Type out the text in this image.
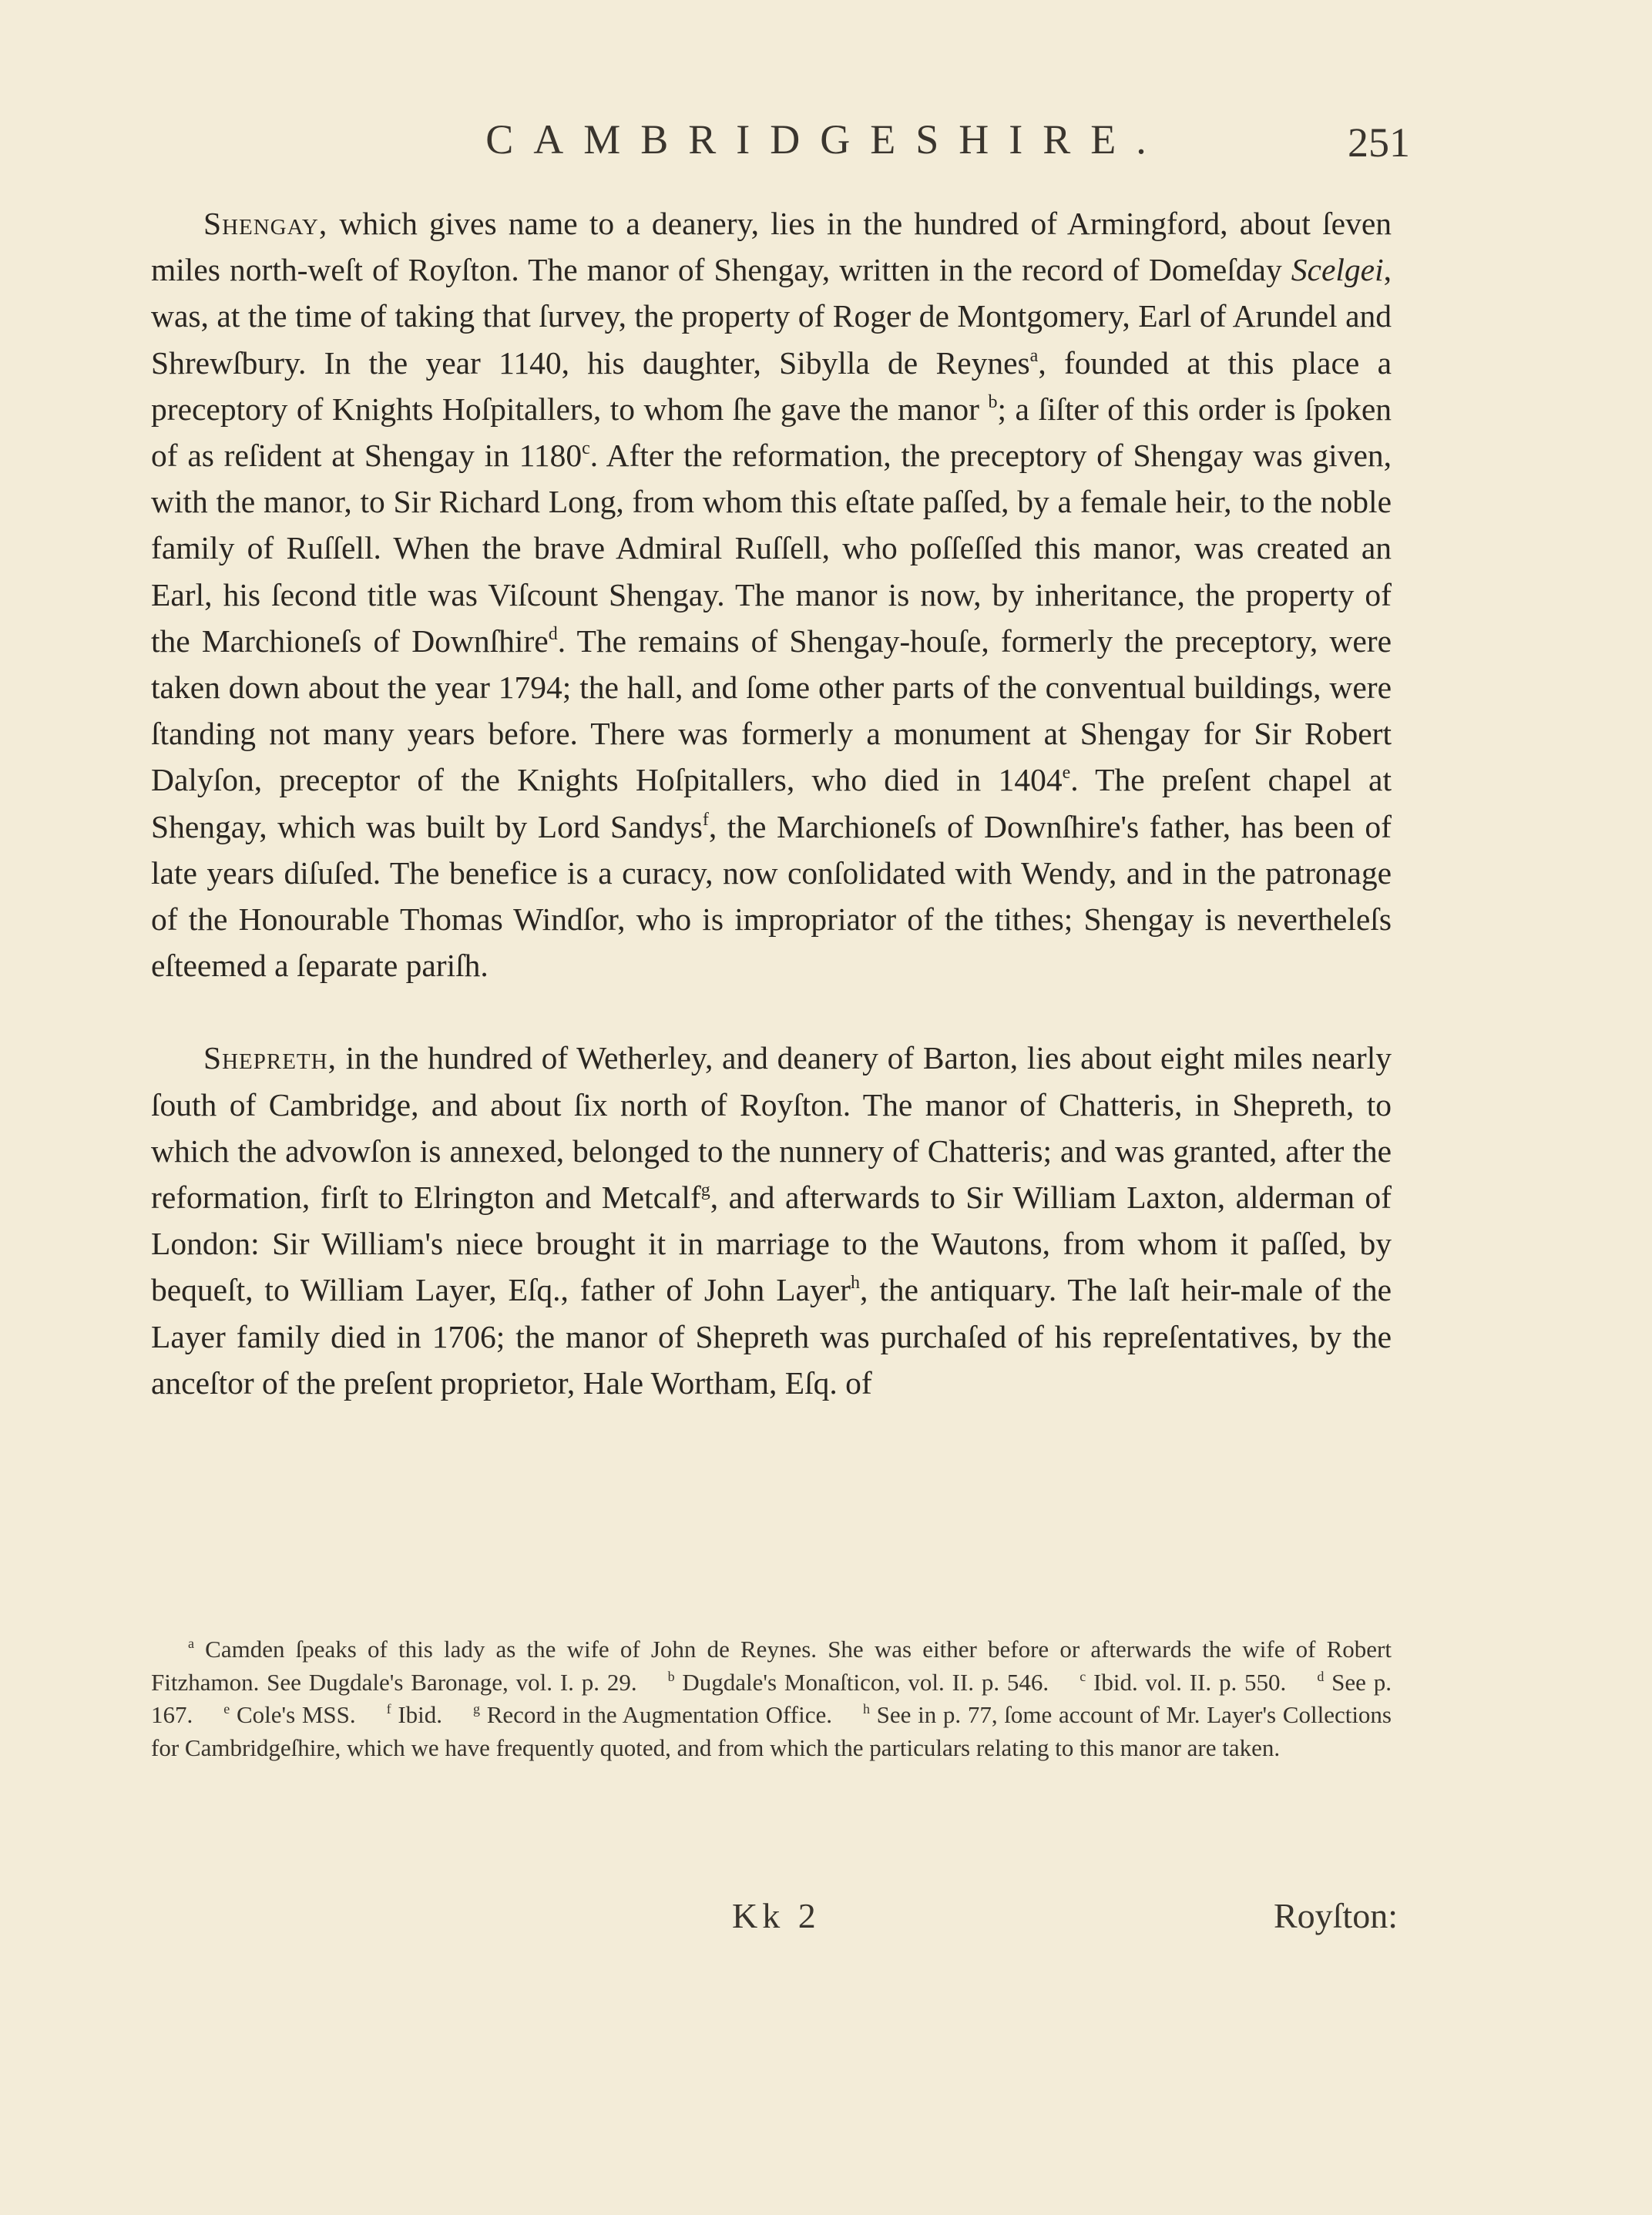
CAMBRIDGESHIRE.	251

Shengay, which gives name to a deanery, lies in the hundred of Armingford, about ſeven miles north-weſt of Royſton. The manor of Shengay, written in the record of Domeſday Scelgei, was, at the time of taking that ſurvey, the property of Roger de Montgomery, Earl of Arundel and Shrewſbury. In the year 1140, his daughter, Sibylla de Reynes$^a$, founded at this place a preceptory of Knights Hoſpitallers, to whom ſhe gave the manor $^b$; a ſiſter of this order is ſpoken of as reſident at Shengay in 1180$^c$. After the reformation, the preceptory of Shengay was given, with the manor, to Sir Richard Long, from whom this eſtate paſſed, by a female heir, to the noble family of Ruſſell. When the brave Admiral Ruſſell, who poſſeſſed this manor, was created an Earl, his ſecond title was Viſcount Shengay. The manor is now, by inheritance, the property of the Marchioneſs of Downſhire$^d$. The remains of Shengay-houſe, formerly the preceptory, were taken down about the year 1794; the hall, and ſome other parts of the conventual buildings, were ſtanding not many years before. There was formerly a monument at Shengay for Sir Robert Dalyſon, preceptor of the Knights Hoſpitallers, who died in 1404e. The preſent chapel at Shengay, which was built by Lord Sandys$^f$, the Marchioneſs of Downſhire's father, has been of late years diſuſed. The benefice is a curacy, now conſolidated with Wendy, and in the patronage of the Honourable Thomas Windſor, who is impropriator of the tithes; Shengay is nevertheleſs eſteemed a ſeparate pariſh.

Shepreth, in the hundred of Wetherley, and deanery of Barton, lies about eight miles nearly ſouth of Cambridge, and about ſix north of Royſton. The manor of Chatteris, in Shepreth, to which the advowſon is annexed, belonged to the nunnery of Chatteris; and was granted, after the reformation, firſt to Elrington and Metcalf$^g$, and afterwards to Sir William Laxton, alderman of London: Sir William's niece brought it in marriage to the Wautons, from whom it paſſed, by bequeſt, to William Layer, Eſq., father of John Layer$^h$, the antiquary. The laſt heir-male of the Layer family died in 1706; the manor of Shepreth was purchaſed of his repreſentatives, by the anceſtor of the preſent proprietor, Hale Wortham, Eſq. of

$^a$ Camden ſpeaks of this lady as the wife of John de Reynes. She was either before or afterwards the wife of Robert Fitzhamon. See Dugdale's Baronage, vol. I. p. 29. $^b$ Dugdale's Monaſticon, vol. II. p. 546. $^c$ Ibid. vol. II. p. 550. $^d$ See p. 167. $^e$ Cole's MSS. $^f$ Ibid. $^g$ Record in the Augmentation Office. $^h$ See in p. 77, ſome account of Mr. Layer's Collections for Cambridgeſhire, which we have frequently quoted, and from which the particulars relating to this manor are taken.

Kk 2	Royſton:
